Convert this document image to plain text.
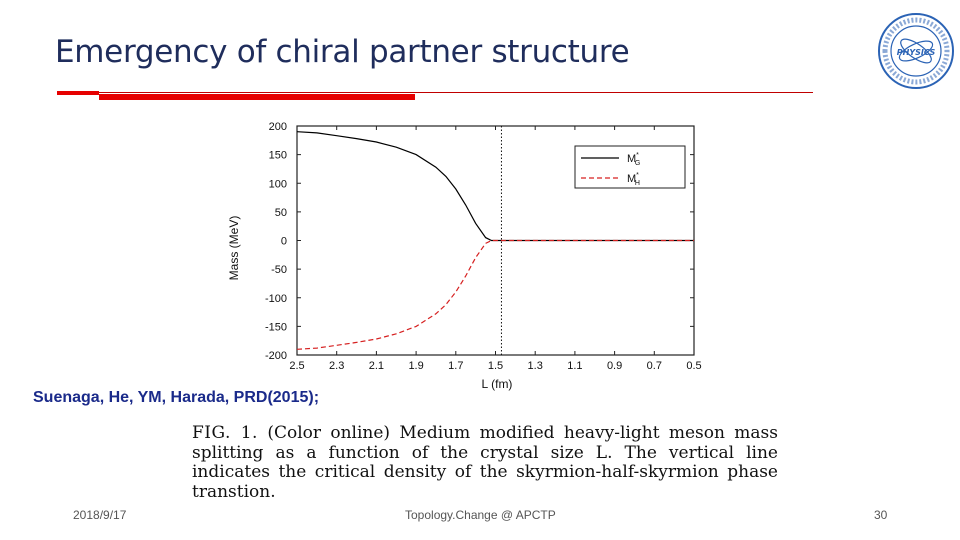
Emergency of chiral partner structure	PHYSICS
200
150
100
50
0
-50
-100
-150
-200
2.5 2.3 2.1 1.9 1.7 1.5 1.3 1.1 0.9 0.7 0.5
M* G
M* H
L (fm)
Mass (MeV)
Suenaga, He, YM, Harada, PRD(2015);
FIG. 1. (Color online) Medium modified heavy-light meson mass splitting as a function of the crystal size L. The vertical line indicates the critical density of the skyrmion-half-skyrmion phase transtion.
2018/9/17	Topology.Change @ APCTP	30
